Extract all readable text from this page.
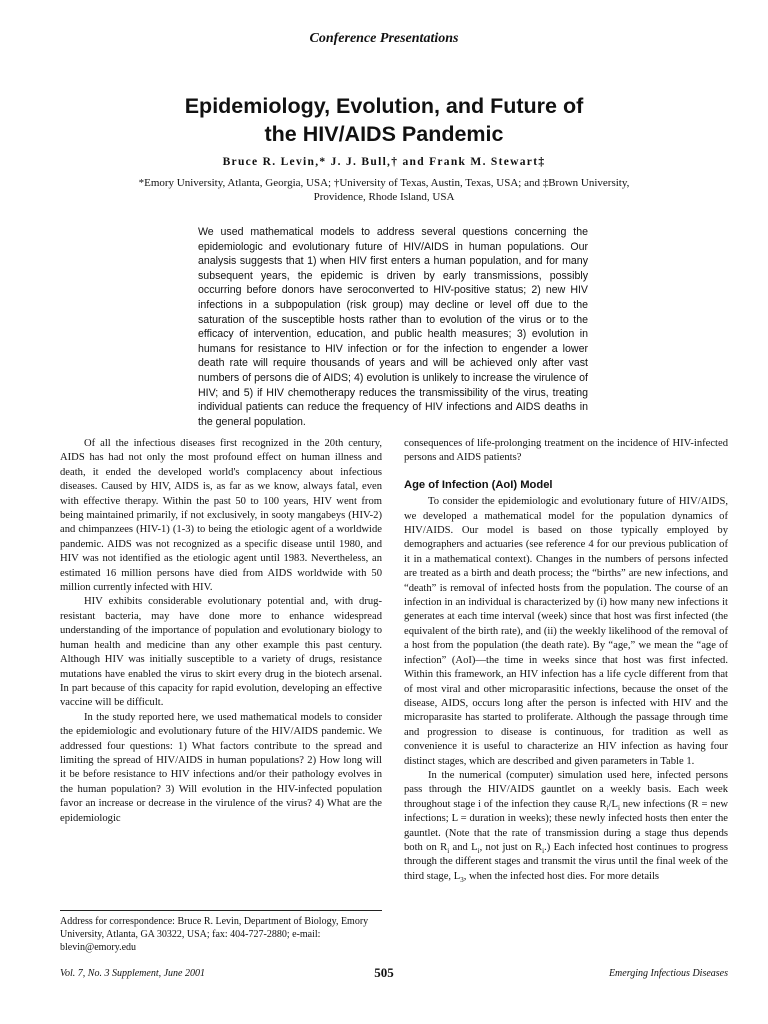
Conference Presentations
Epidemiology, Evolution, and Future of
the HIV/AIDS Pandemic
Bruce R. Levin,* J. J. Bull,† and Frank M. Stewart‡
*Emory University, Atlanta, Georgia, USA; †University of Texas, Austin, Texas, USA; and ‡Brown University, Providence, Rhode Island, USA

We used mathematical models to address several questions concerning the epidemiologic and evolutionary future of HIV/AIDS in human populations. Our analysis suggests that 1) when HIV first enters a human population, and for many subsequent years, the epidemic is driven by early transmissions, possibly occurring before donors have seroconverted to HIV-positive status; 2) new HIV infections in a subpopulation (risk group) may decline or level off due to the saturation of the susceptible hosts rather than to evolution of the virus or to the efficacy of intervention, education, and public health measures; 3) evolution in humans for resistance to HIV infection or for the infection to engender a lower death rate will require thousands of years and will be achieved only after vast numbers of persons die of AIDS; 4) evolution is unlikely to increase the virulence of HIV; and 5) if HIV chemotherapy reduces the transmissibility of the virus, treating individual patients can reduce the frequency of HIV infections and AIDS deaths in the general population.

Of all the infectious diseases first recognized in the 20th century, AIDS has had not only the most profound effect on human illness and death, it ended the developed world's complacency about infectious diseases. Caused by HIV, AIDS is, as far as we know, always fatal, even with effective therapy. Within the past 50 to 100 years, HIV went from being maintained primarily, if not exclusively, in sooty mangabeys (HIV-2) and chimpanzees (HIV-1) (1-3) to being the etiologic agent of a worldwide pandemic. AIDS was not recognized as a specific disease until 1980, and HIV was not identified as the etiologic agent until 1983. Nevertheless, an estimated 16 million persons have died from AIDS worldwide with 50 million currently infected with HIV.

HIV exhibits considerable evolutionary potential and, with drug-resistant bacteria, may have done more to enhance widespread understanding of the importance of population and evolutionary biology to human health and medicine than any other example this past century. Although HIV was initially susceptible to a variety of drugs, resistance mutations have enabled the virus to skirt every drug in the biotech arsenal. In part because of this capacity for rapid evolution, developing an effective vaccine will be difficult.

In the study reported here, we used mathematical models to consider the epidemiologic and evolutionary future of the HIV/AIDS pandemic. We addressed four questions: 1) What factors contribute to the spread and limiting the spread of HIV/AIDS in human populations? 2) How long will it be before resistance to HIV infections and/or their pathology evolves in the human population? 3) Will evolution in the HIV-infected population favor an increase or decrease in the virulence of the virus? 4) What are the epidemiologic

consequences of life-prolonging treatment on the incidence of HIV-infected persons and AIDS patients?

Age of Infection (AoI) Model

To consider the epidemiologic and evolutionary future of HIV/AIDS, we developed a mathematical model for the population dynamics of HIV/AIDS. Our model is based on those typically employed by demographers and actuaries (see reference 4 for our previous publication of it in a mathematical context). Changes in the numbers of persons infected are treated as a birth and death process; the “births” are new infections, and “death” is removal of infected hosts from the population. The course of an infection in an individual is characterized by (i) how many new infections it generates at each time interval (week) since that host was first infected (the equivalent of the birth rate), and (ii) the weekly likelihood of the removal of a host from the population (the death rate). By “age,” we mean the “age of infection” (AoI)—the time in weeks since that host was first infected. Within this framework, an HIV infection has a life cycle different from that of most viral and other microparasitic infections, because the onset of the disease, AIDS, occurs long after the person is infected with HIV and the microparasite has started to proliferate. Although the passage through time and progression to disease is continuous, for tradition as well as convenience it is useful to characterize an HIV infection as having four distinct stages, which are described and given parameters in Table 1.

In the numerical (computer) simulation used here, infected persons pass through the HIV/AIDS gauntlet on a weekly basis. Each week throughout stage i of the infection they cause $R_i/L_i$ new infections (R = new infections; L = duration in weeks); these newly infected hosts then enter the gauntlet. (Note that the rate of transmission during a stage thus depends both on $R_i$ and $L_i$, not just on $R_i$.) Each infected host continues to progress through the different stages and transmit the virus until the final week of the third stage, $L_3$, when the infected host dies. For more details

Address for correspondence: Bruce R. Levin, Department of Biology, Emory University, Atlanta, GA 30322, USA; fax: 404-727-2880; e-mail: blevin@emory.edu

Vol. 7, No. 3 Supplement, June 2001	505	Emerging Infectious Diseases
